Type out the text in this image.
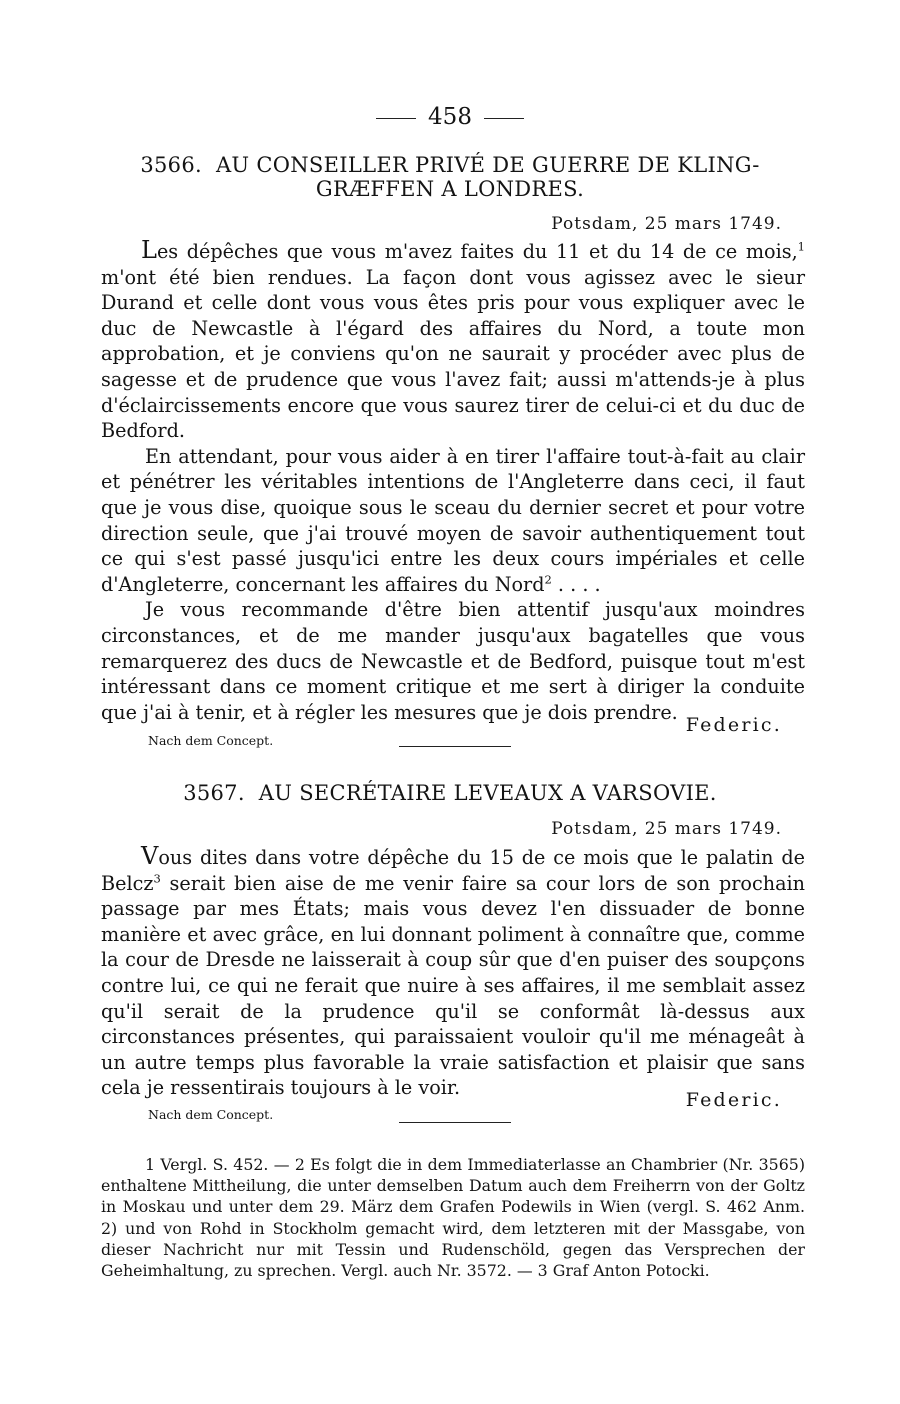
458
3566. AU CONSEILLER PRIVÉ DE GUERRE DE KLING-
GRÆFFEN A LONDRES.
Potsdam, 25 mars 1749.

Les dépêches que vous m'avez faites du 11 et du 14 de ce mois,$^1$ m'ont été bien rendues. La façon dont vous agissez avec le sieur Durand et celle dont vous vous êtes pris pour vous expliquer avec le duc de Newcastle à l'égard des affaires du Nord, a toute mon approbation, et je conviens qu'on ne saurait y procéder avec plus de sagesse et de prudence que vous l'avez fait; aussi m'attends-je à plus d'éclaircissements encore que vous saurez tirer de celui-ci et du duc de Bedford.

En attendant, pour vous aider à en tirer l'affaire tout-à-fait au clair et pénétrer les véritables intentions de l'Angleterre dans ceci, il faut que je vous dise, quoique sous le sceau du dernier secret et pour votre direction seule, que j'ai trouvé moyen de savoir authentiquement tout ce qui s'est passé jusqu'ici entre les deux cours impériales et celle d'Angleterre, concernant les affaires du Nord$^2$ . . . .

Je vous recommande d'être bien attentif jusqu'aux moindres circonstances, et de me mander jusqu'aux bagatelles que vous remarquerez des ducs de Newcastle et de Bedford, puisque tout m'est intéressant dans ce moment critique et me sert à diriger la conduite que j'ai à tenir, et à régler les mesures que je dois prendre.

Federic.
Nach dem Concept.
3567. AU SECRÉTAIRE LEVEAUX A VARSOVIE.
Potsdam, 25 mars 1749.

Vous dites dans votre dépêche du 15 de ce mois que le palatin de Belcz$^3$ serait bien aise de me venir faire sa cour lors de son prochain passage par mes États; mais vous devez l'en dissuader de bonne manière et avec grâce, en lui donnant poliment à connaître que, comme la cour de Dresde ne laisserait à coup sûr que d'en puiser des soupçons contre lui, ce qui ne ferait que nuire à ses affaires, il me semblait assez qu'il serait de la prudence qu'il se conformât là-dessus aux circonstances présentes, qui paraissaient vouloir qu'il me ménageât à un autre temps plus favorable la vraie satisfaction et plaisir que sans cela je ressentirais toujours à le voir.

Federic.
Nach dem Concept.

1 Vergl. S. 452. — 2 Es folgt die in dem Immediaterlasse an Chambrier (Nr. 3565) enthaltene Mittheilung, die unter demselben Datum auch dem Freiherrn von der Goltz in Moskau und unter dem 29. März dem Grafen Podewils in Wien (vergl. S. 462 Anm. 2) und von Rohd in Stockholm gemacht wird, dem letzteren mit der Massgabe, von dieser Nachricht nur mit Tessin und Rudenschöld, gegen das Versprechen der Geheimhaltung, zu sprechen. Vergl. auch Nr. 3572. — 3 Graf Anton Potocki.
